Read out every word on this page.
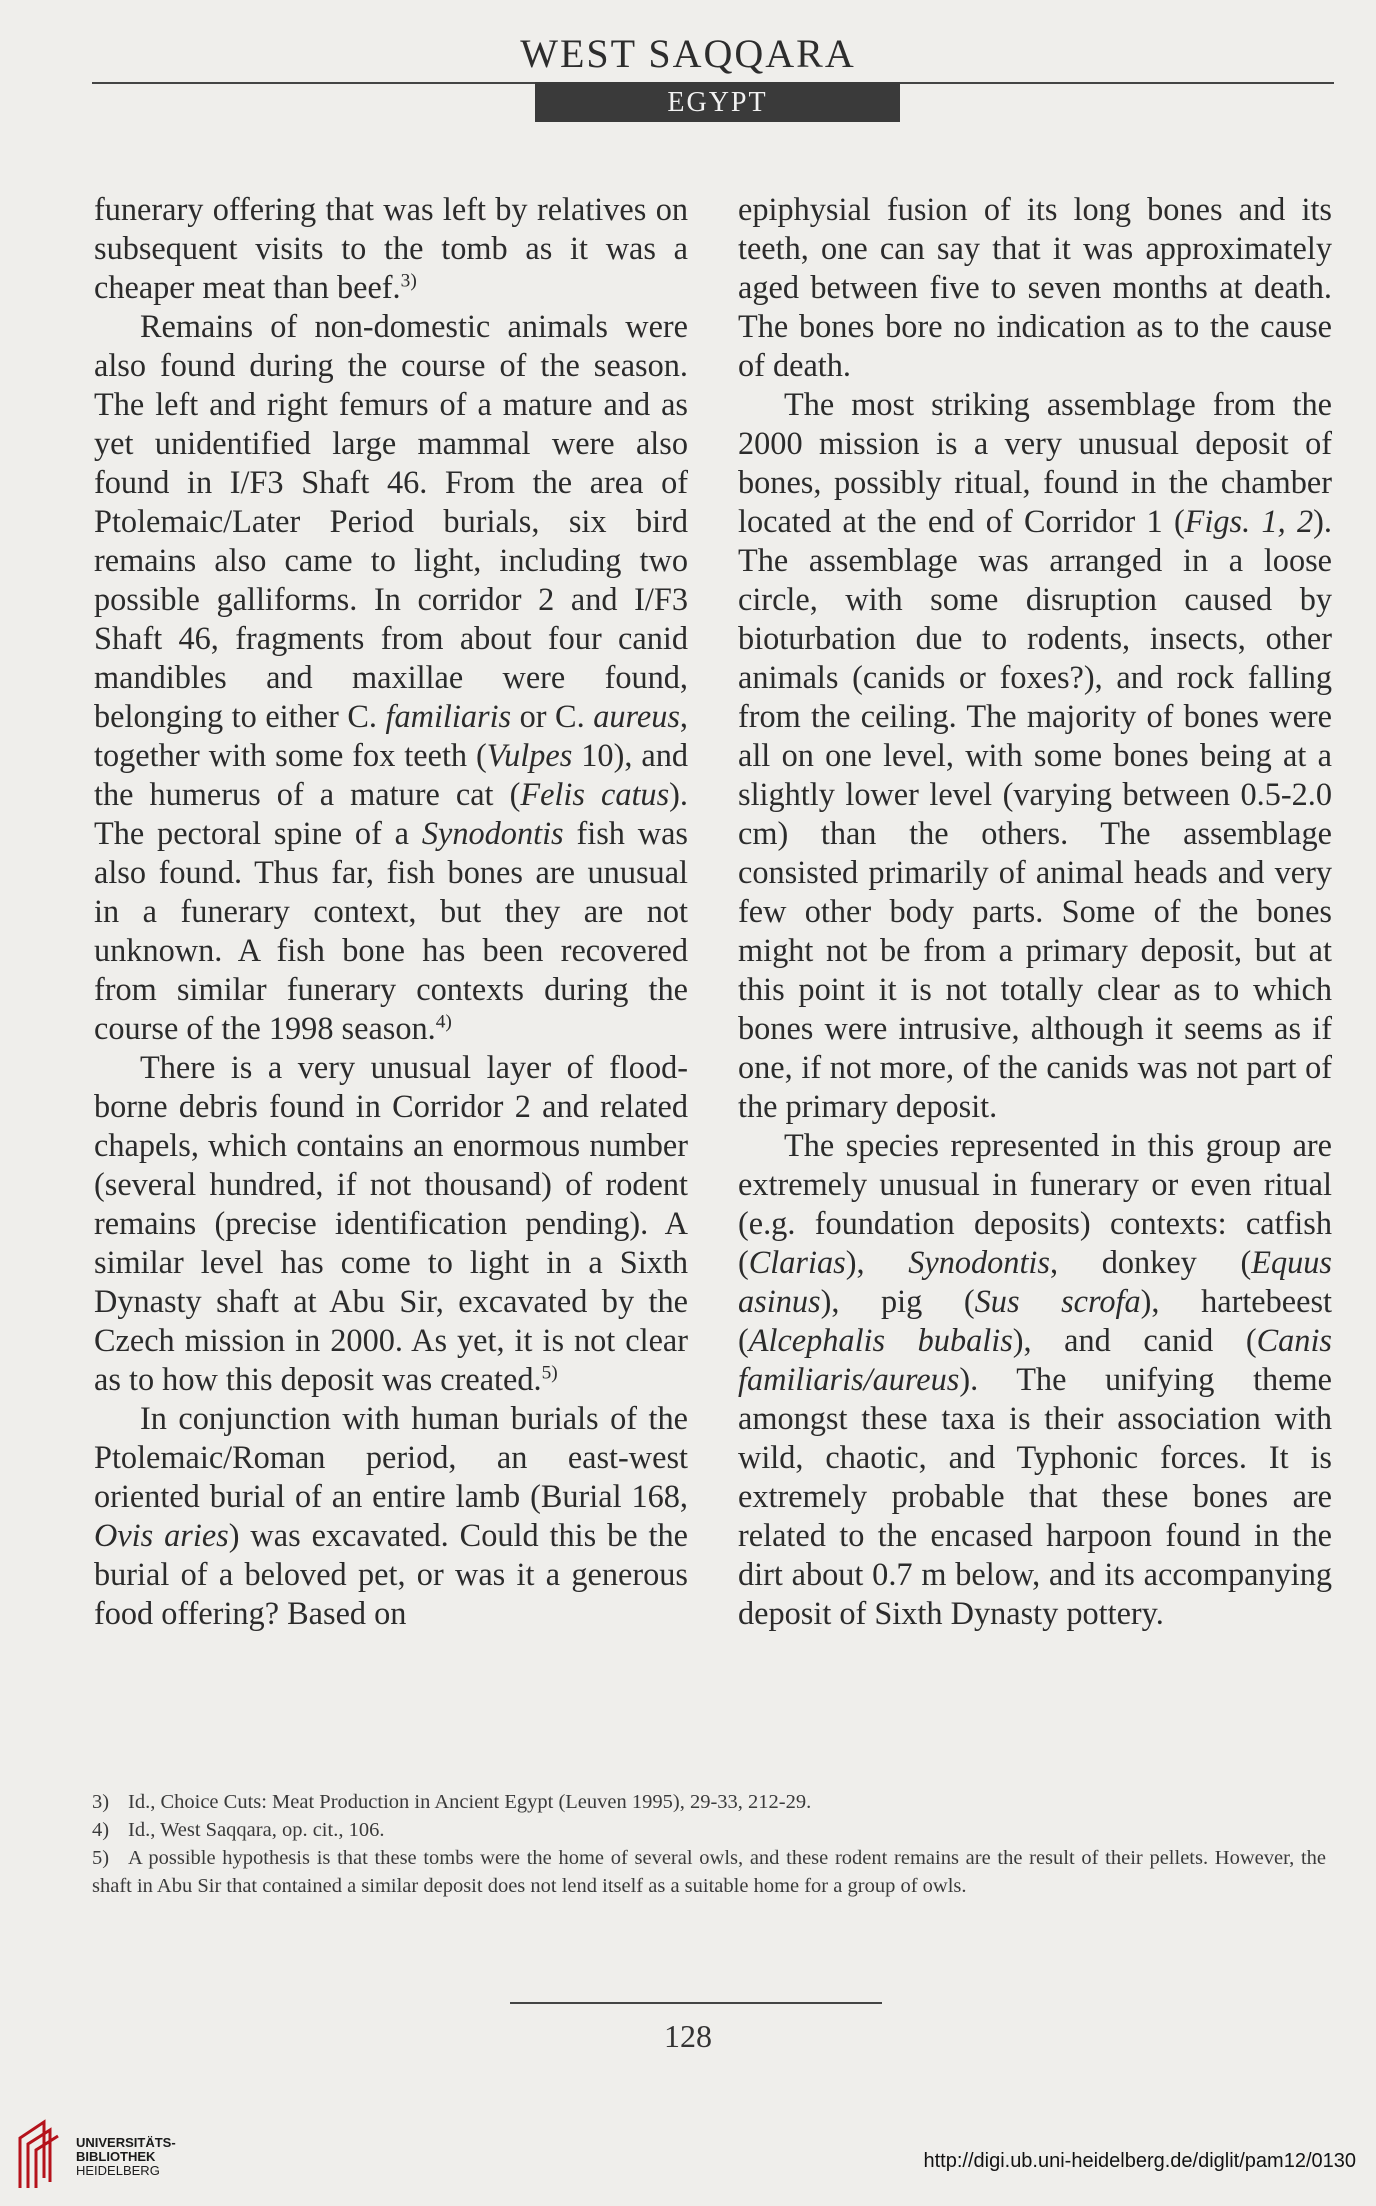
WEST SAQQARA
EGYPT

funerary offering that was left by relatives on subsequent visits to the tomb as it was a cheaper meat than beef.$^{3)}$

Remains of non-domestic animals were also found during the course of the season. The left and right femurs of a mature and as yet unidentified large mammal were also found in I/F3 Shaft 46. From the area of Ptolemaic/Later Period burials, six bird remains also came to light, including two possible galliforms. In corridor 2 and I/F3 Shaft 46, fragments from about four canid mandibles and maxillae were found, belonging to either C. familiaris or C. aureus, together with some fox teeth (Vulpes 10), and the humerus of a mature cat (Felis catus). The pectoral spine of a Synodontis fish was also found. Thus far, fish bones are unusual in a funerary context, but they are not unknown. A fish bone has been recovered from similar funerary contexts during the course of the 1998 season.$^{4)}$

There is a very unusual layer of flood-borne debris found in Corridor 2 and related chapels, which contains an enormous number (several hundred, if not thousand) of rodent remains (precise identification pending). A similar level has come to light in a Sixth Dynasty shaft at Abu Sir, excavated by the Czech mission in 2000. As yet, it is not clear as to how this deposit was created.$^{5)}$

In conjunction with human burials of the Ptolemaic/Roman period, an east-west oriented burial of an entire lamb (Burial 168, Ovis aries) was excavated. Could this be the burial of a beloved pet, or was it a generous food offering? Based on

epiphysial fusion of its long bones and its teeth, one can say that it was approximately aged between five to seven months at death. The bones bore no indication as to the cause of death.

The most striking assemblage from the 2000 mission is a very unusual deposit of bones, possibly ritual, found in the chamber located at the end of Corridor 1 (Figs. 1, 2). The assemblage was arranged in a loose circle, with some disruption caused by bioturbation due to rodents, insects, other animals (canids or foxes?), and rock falling from the ceiling. The majority of bones were all on one level, with some bones being at a slightly lower level (varying between 0.5-2.0 cm) than the others. The assemblage consisted primarily of animal heads and very few other body parts. Some of the bones might not be from a primary deposit, but at this point it is not totally clear as to which bones were intrusive, although it seems as if one, if not more, of the canids was not part of the primary deposit.

The species represented in this group are extremely unusual in funerary or even ritual (e.g. foundation deposits) contexts: catfish (Clarias), Synodontis, donkey (Equus asinus), pig (Sus scrofa), hartebeest (Alcephalis bubalis), and canid (Canis familiaris/aureus). The unifying theme amongst these taxa is their association with wild, chaotic, and Typhonic forces. It is extremely probable that these bones are related to the encased harpoon found in the dirt about 0.7 m below, and its accompanying deposit of Sixth Dynasty pottery.

3) Id., Choice Cuts: Meat Production in Ancient Egypt (Leuven 1995), 29-33, 212-29.

4) Id., West Saqqara, op. cit., 106.

5) A possible hypothesis is that these tombs were the home of several owls, and these rodent remains are the result of their pellets. However, the shaft in Abu Sir that contained a similar deposit does not lend itself as a suitable home for a group of owls.

128
UNIVERSITÄTS-
BIBLIOTHEK
HEIDELBERG	http://digi.ub.uni-heidelberg.de/diglit/pam12/0130
